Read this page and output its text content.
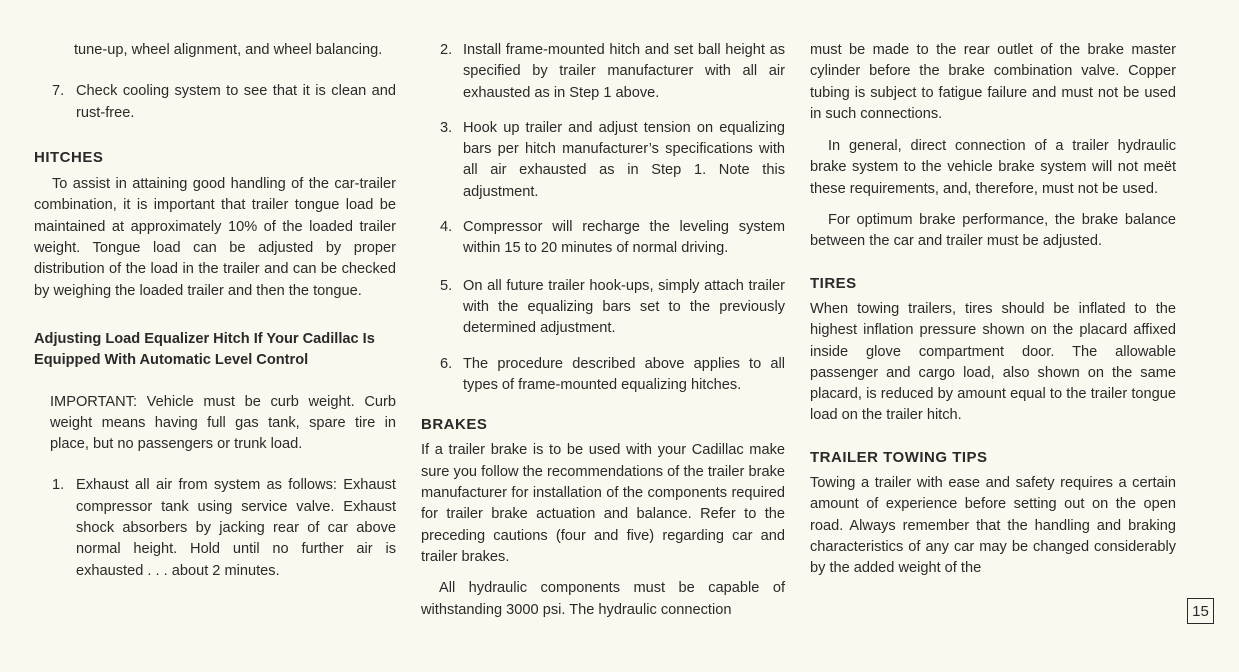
tune-up, wheel alignment, and wheel balancing.

7. Check cooling system to see that it is clean and rust-free.
HITCHES

To assist in attaining good handling of the car-trailer combination, it is important that trailer tongue load be maintained at approximately 10% of the loaded trailer weight. Tongue load can be adjusted by proper distribution of the load in the trailer and can be checked by weighing the loaded trailer and then the tongue.

Adjusting Load Equalizer Hitch If Your Cadillac Is Equipped With Automatic Level Control

IMPORTANT: Vehicle must be curb weight. Curb weight means having full gas tank, spare tire in place, but no passengers or trunk load.

1. Exhaust all air from system as follows: Exhaust compressor tank using service valve. Exhaust shock absorbers by jacking rear of car above normal height. Hold until no further air is exhausted . . . about 2 minutes.
2. Install frame-mounted hitch and set ball height as specified by trailer manufacturer with all air exhausted as in Step 1 above.
3. Hook up trailer and adjust tension on equalizing bars per hitch manufacturer’s specifications with all air exhausted as in Step 1. Note this adjustment.
4. Compressor will recharge the leveling system within 15 to 20 minutes of normal driving.
5. On all future trailer hook-ups, simply attach trailer with the equalizing bars set to the previously determined adjustment.
6. The procedure described above applies to all types of frame-mounted equalizing hitches.
BRAKES

If a trailer brake is to be used with your Cadillac make sure you follow the recommendations of the trailer brake manufacturer for installation of the components required for trailer brake actuation and balance. Refer to the preceding cautions (four and five) regarding car and trailer brakes.

All hydraulic components must be capable of withstanding 3000 psi. The hydraulic connection

must be made to the rear outlet of the brake master cylinder before the brake combination valve. Copper tubing is subject to fatigue failure and must not be used in such connections.

In general, direct connection of a trailer hydraulic brake system to the vehicle brake system will not meët these requirements, and, therefore, must not be used.

For optimum brake performance, the brake balance between the car and trailer must be adjusted.

TIRES

When towing trailers, tires should be inflated to the highest inflation pressure shown on the placard affixed inside glove compartment door. The allowable passenger and cargo load, also shown on the same placard, is reduced by amount equal to the trailer tongue load on the trailer hitch.

TRAILER TOWING TIPS

Towing a trailer with ease and safety requires a certain amount of experience before setting out on the open road. Always remember that the handling and braking characteristics of any car may be changed considerably by the added weight of the

15
